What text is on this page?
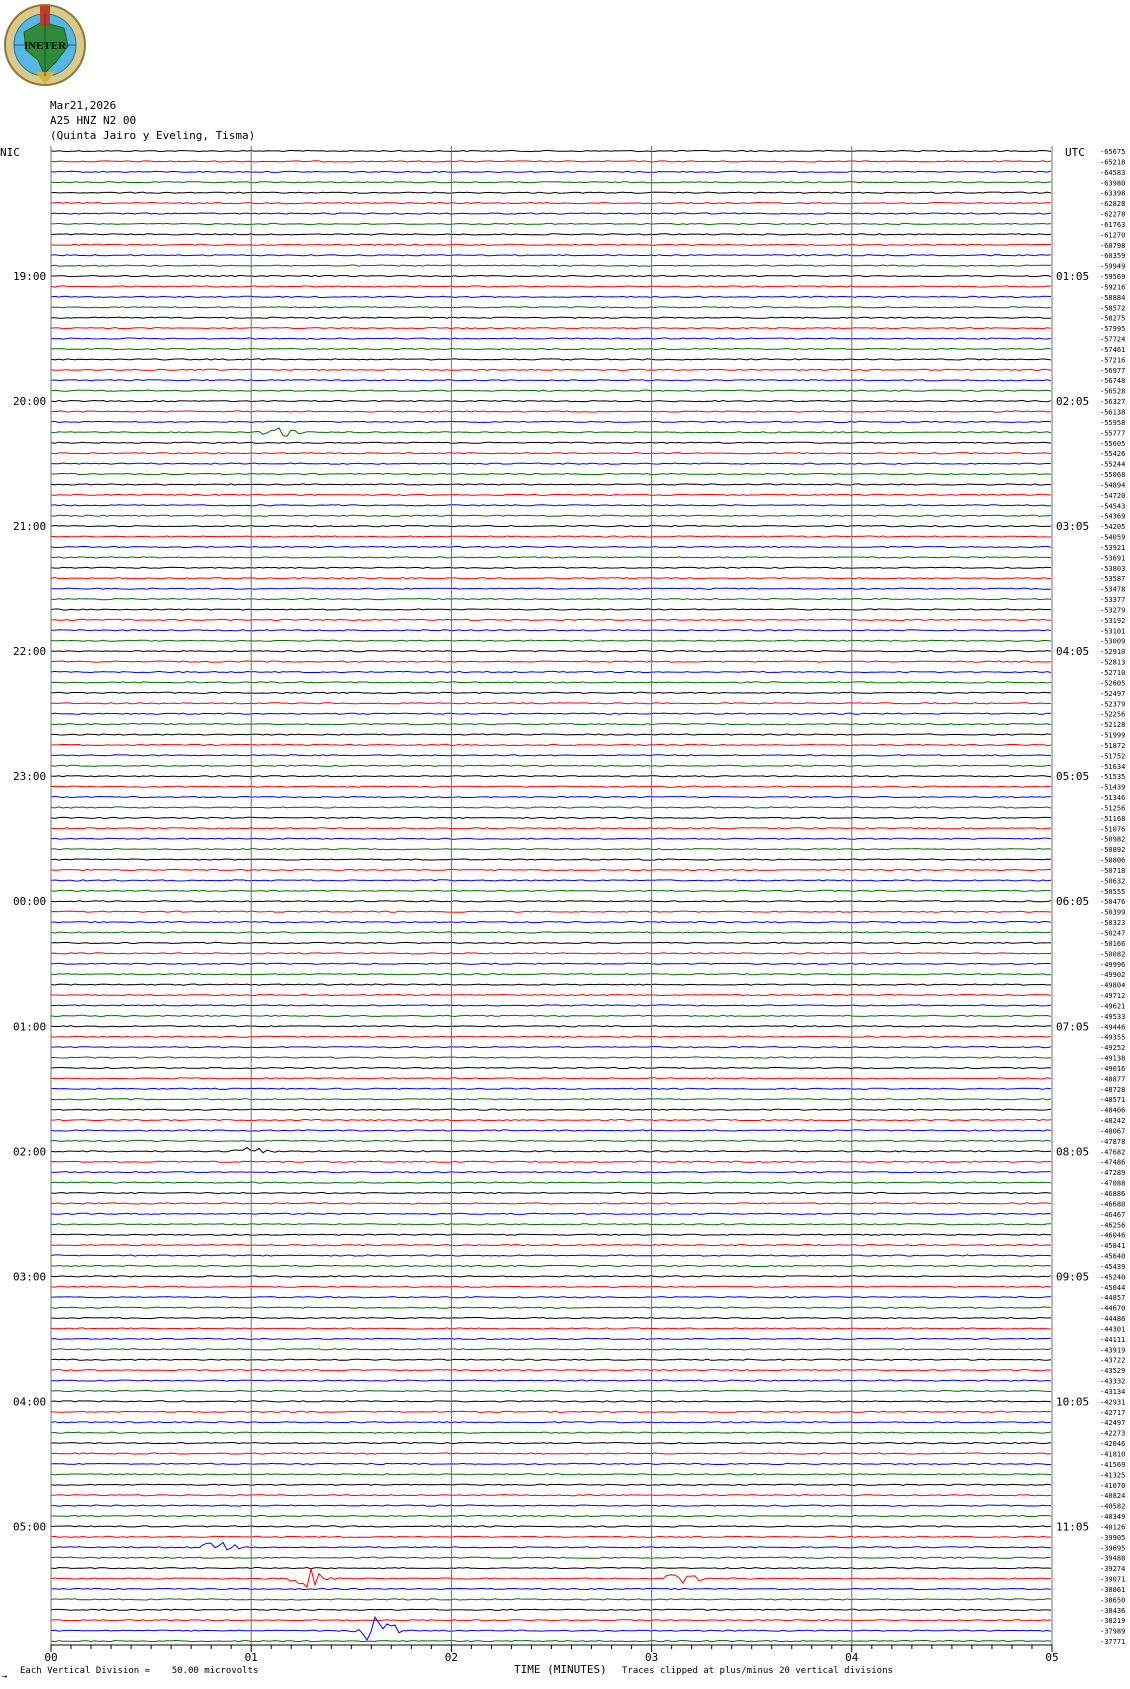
INETER
Mar21,2026
A25 HNZ N2 00
(Quinta Jairo y Eveling, Tisma)
00	01	02	03	04	05
19:00
20:00
21:00
22:00
23:00
00:00
01:00
02:00
03:00
04:00
05:00
01:05
02:05
03:05
04:05
05:05
06:05
07:05
08:05
09:05
10:05
11:05
-65675
-65218
-64583
-63980
-63398
-62828
-62278
-61763
-61270
-60798
-60359
-59949
-59569
-59216
-58884
-58572
-58275
-57995
-57724
-57461
-57216
-56977
-56748
-56528
-56327
-56138
-55958
-55777
-55605
-55426
-55244
-55068
-54894
-54720
-54543
-54369
-54205
-54059
-53921
-53691
-53803
-53587
-53478
-53377
-53279
-53192
-53101
-53009
-52910
-52813
-52710
-52605
-52497
-52379
-52256
-52128
-51999
-51872
-51752
-51634
-51535
-51439
-51346
-51256
-51168
-51076
-50982
-50892
-50806
-50718
-50632
-50555
-50476
-50399
-50323
-50247
-50166
-50082
-49996
-49902
-49804
-49712
-49621
-49533
-49446
-49355
-49252
-49138
-49016
-48877
-48728
-48571
-48406
-48242
-48067
-47878
-47682
-47486
-47289
-47088
-46886
-46680
-46467
-46256
-46046
-45841
-45640
-45439
-45240
-45044
-44857
-44670
-44486
-44301
-44111
-43919
-43722
-43529
-43332
-43134
-42931
-42717
-42497
-42273
-42046
-41810
-41569
-41325
-41070
-40824
-40582
-40349
-40126
-39905
-39695
-39488
-39274
-39071
-38861
-38650
-38436
-38219
-37989
-37771
NIC	UTC
→
Each Vertical Division =    50.00 microvolts	TIME (MINUTES) Traces clipped at plus/minus 20 vertical divisions
